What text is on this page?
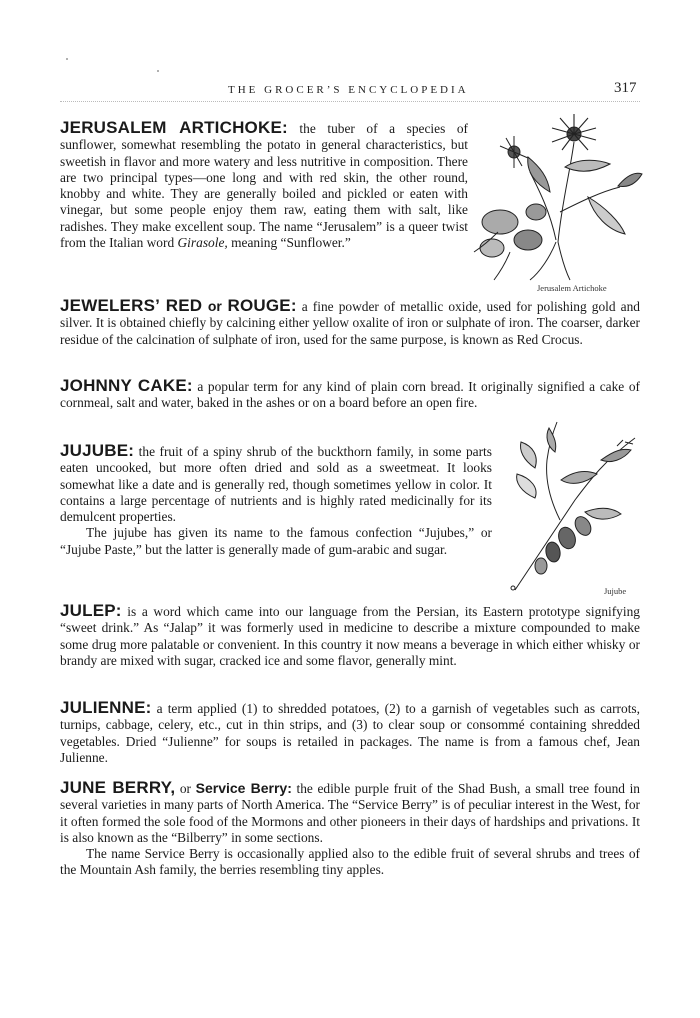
THE GROCER’S ENCYCLOPEDIA	317

JERUSALEM ARTICHOKE: the tuber of a species of sunflower, somewhat resembling the potato in general characteristics, but sweetish in flavor and more watery and less nutritive in composition. There are two principal types—one long and with red skin, the other round, knobby and white. They are generally boiled and pickled or eaten with vinegar, but some people enjoy them raw, eating them with salt, like radishes. They make excellent soup. The name “Jerusalem” is a queer twist from the Italian word Girasole, meaning “Sunflower.”

Jerusalem Artichoke

JEWELERS’ RED or ROUGE: a fine powder of metallic oxide, used for polishing gold and silver. It is obtained chiefly by calcining either yellow oxalite of iron or sulphate of iron. The coarser, darker residue of the calcination of sulphate of iron, used for the same purpose, is known as Red Crocus.

JOHNNY CAKE: a popular term for any kind of plain corn bread. It originally signified a cake of cornmeal, salt and water, baked in the ashes or on a board before an open fire.

JUJUBE: the fruit of a spiny shrub of the buckthorn family, in some parts eaten uncooked, but more often dried and sold as a sweetmeat. It looks somewhat like a date and is generally red, though sometimes yellow in color. It contains a large percentage of nutrients and is highly rated medicinally for its demulcent properties.

The jujube has given its name to the famous confection “Jujubes,” or “Jujube Paste,” but the latter is generally made of gum-arabic and sugar.

Jujube

JULEP: is a word which came into our language from the Persian, its Eastern prototype signifying “sweet drink.” As “Jalap” it was formerly used in medicine to describe a mixture compounded to make some drug more palatable or convenient. In this country it now means a beverage in which either whisky or brandy are mixed with sugar, cracked ice and some flavor, generally mint.

JULIENNE: a term applied (1) to shredded potatoes, (2) to a garnish of vegetables such as carrots, turnips, cabbage, celery, etc., cut in thin strips, and (3) to clear soup or consommé containing shredded vegetables. Dried “Julienne” for soups is retailed in packages. The name is from a famous chef, Jean Julienne.

JUNE BERRY, or Service Berry: the edible purple fruit of the Shad Bush, a small tree found in several varieties in many parts of North America. The “Service Berry” is of peculiar interest in the West, for it often formed the sole food of the Mormons and other pioneers in their days of hardships and privations. It is also known as the “Bilberry” in some sections.

The name Service Berry is occasionally applied also to the edible fruit of several shrubs and trees of the Mountain Ash family, the berries resembling tiny apples.
